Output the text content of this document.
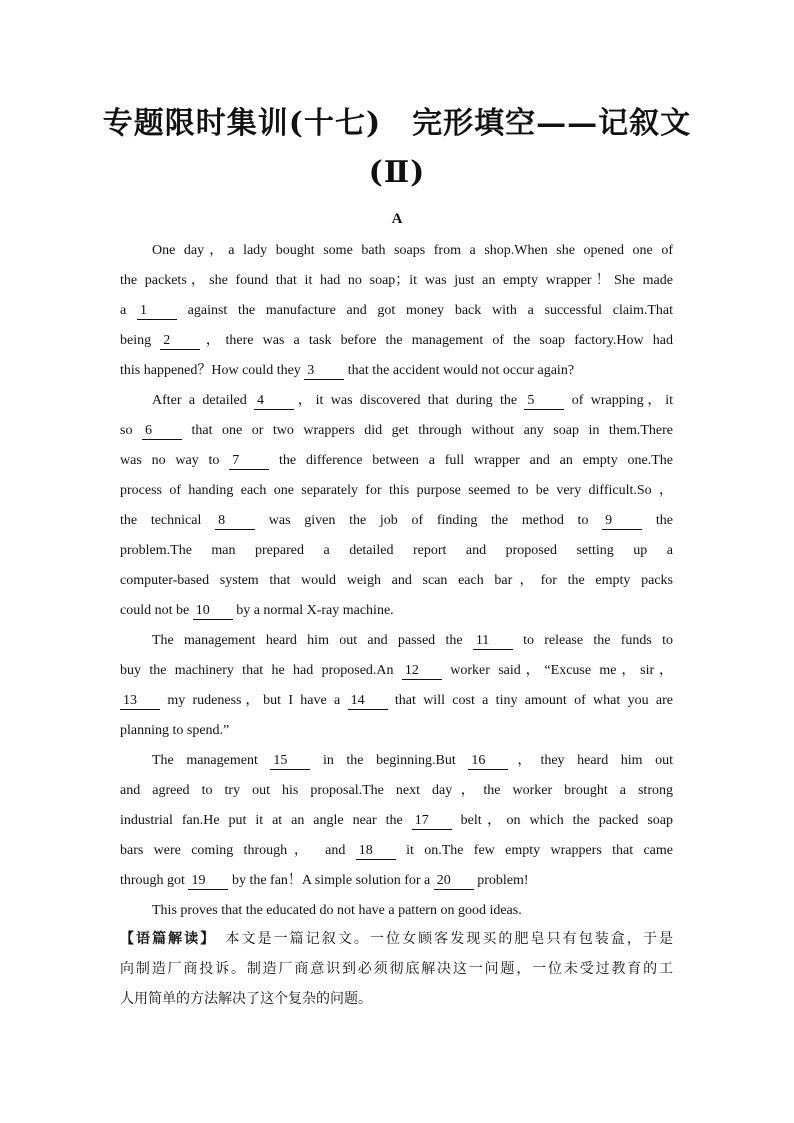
专题限时集训(十七)　完形填空——记叙文
(Ⅱ)
A
One day，a lady bought some bath soaps from a shop.When she opened one of
the packets，she found that it had no soap；it was just an empty wrapper！She made
a 1 against the manufacture and got money back with a successful claim.That
being 2 ，there was a task before the management of the soap factory.How had
this happened？How could they 3 that the accident would not occur again?
After a detailed 4 ，it was discovered that during the 5 of wrapping，it
so 6 that one or two wrappers did get through without any soap in them.There
was no way to 7 the difference between a full wrapper and an empty one.The
process of handing each one separately for this purpose seemed to be very difficult.So ，
the technical 8 was given the job of finding the method to 9 the
problem.The man prepared a detailed report and proposed setting up a
computer-based system that would weigh and scan each bar，for the empty packs
could not be 10 by a normal X-ray machine.
The management heard him out and passed the 11 to release the funds to
buy the machinery that he had proposed.An 12 worker said，“Excuse me，sir，
13 my rudeness，but I have a 14 that will cost a tiny amount of what you are
planning to spend.”
The management 15 in the beginning.But 16 ，they heard him out
and agreed to try out his proposal.The next day，the worker brought a strong
industrial fan.He put it at an angle near the 17 belt，on which the packed soap
bars were coming through， and 18 it on.The few empty wrappers that came
through got 19 by the fan！A simple solution for a 20 problem!
This proves that the educated do not have a pattern on good ideas.
【语篇解读】　 本文是一篇记叙文。一位女顾客发现买的肥皂只有包装盒，于是
向制造厂商投诉。制造厂商意识到必须彻底解决这一问题，一位未受过教育的工
人用简单的方法解决了这个复杂的问题。
